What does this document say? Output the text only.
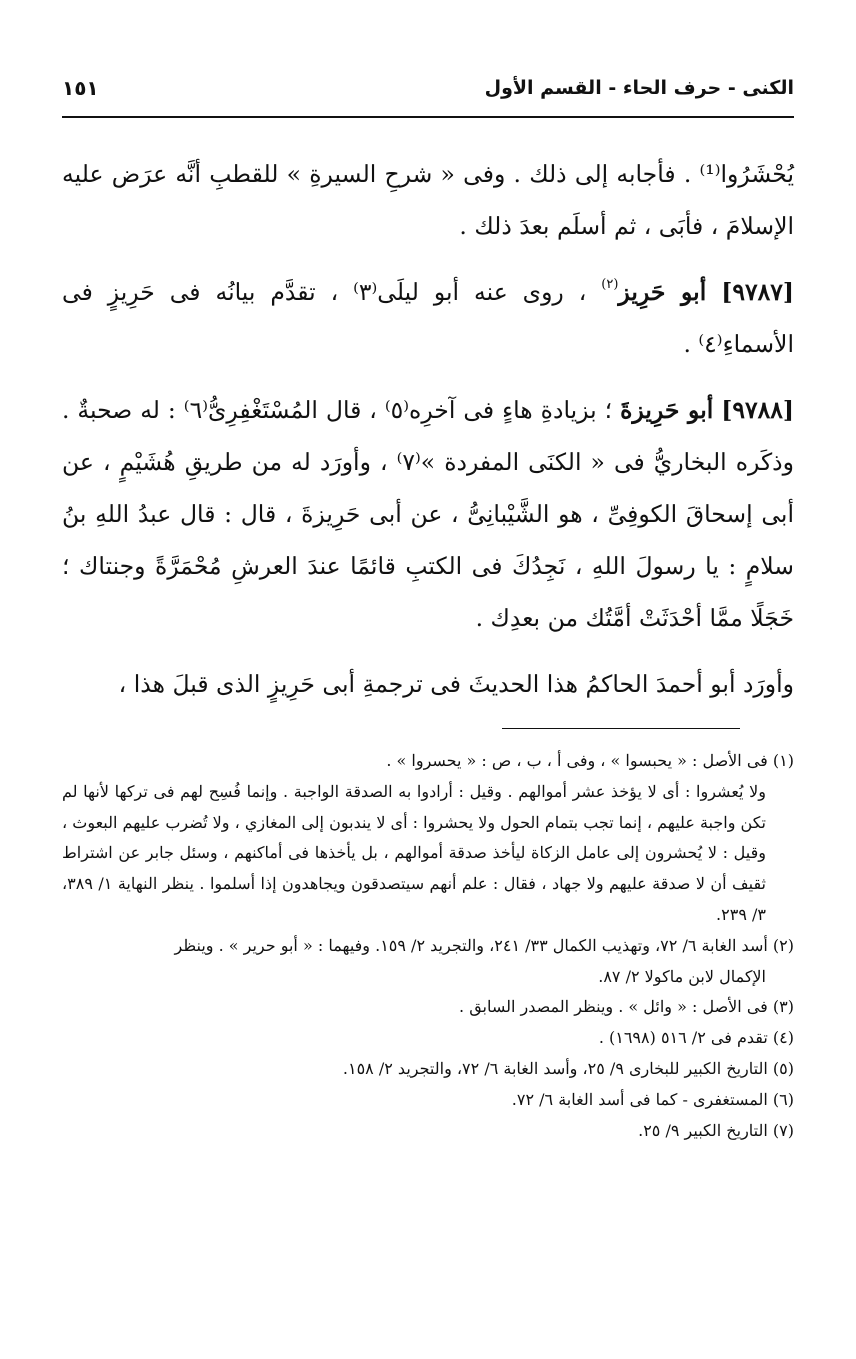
الكنى - حرف الحاء - القسم الأول
١٥١

يُحْشَرُوا⁽¹⁾ . فأجابه إلى ذلك . وفى « شرحِ السيرةِ » للقطبِ أنَّه عرَض عليه الإسلامَ ، فأبَى ، ثم أسلَم بعدَ ذلك .

[٩٧٨٧] أبو حَرِيز$^{(٢)}$ ، روى عنه أبو ليلَى⁽٣⁾ ، تقدَّم بيانُه فى حَرِيزٍ فى الأسماءِ⁽٤⁾ .

[٩٧٨٨] أبو حَرِيزةَ ؛ بزيادةِ هاءٍ فى آخرِه⁽٥⁾ ، قال المُسْتَغْفِرِىُّ⁽٦⁾ : له صحبةٌ . وذكَره البخاريُّ فى « الكنَى المفردة »⁽٧⁾ ، وأورَد له من طريقِ هُشَيْمٍ ، عن أبى إسحاقَ الكوفِىِّ ، هو الشَّيْبانِىُّ ، عن أبى حَرِيزةَ ، قال : قال عبدُ اللهِ بنُ سلامٍ : يا رسولَ اللهِ ، نَجِدُكَ فى الكتبِ قائمًا عندَ العرشِ مُحْمَرَّةً وجنتاك ؛ خَجَلًا ممَّا أحْدَثَتْ أمَّتُك من بعدِك .

وأورَد أبو أحمدَ الحاكمُ هذا الحديثَ فى ترجمةِ أبى حَرِيزٍ الذى قبلَ هذا ،

(١) فى الأصل : « يحبسوا » ، وفى أ ، ب ، ص : « يحسروا » .
ولا يُعشروا : أى لا يؤخذ عشر أموالهم . وقيل : أرادوا به الصدقة الواجبة . وإنما فُسِح لهم فى تركها لأنها لم تكن واجبة عليهم ، إنما تجب بتمام الحول ولا يحشروا : أى لا يندبون إلى المغازي ، ولا تُضرب عليهم البعوث ، وقيل : لا يُحشرون إلى عامل الزكاة ليأخذ صدقة أموالهم ، بل يأخذها فى أماكنهم ، وسئل جابر عن اشتراط ثقيف أن لا صدقة عليهم ولا جهاد ، فقال : علم أنهم سيتصدقون ويجاهدون إذا أسلموا . ينظر النهاية ١/ ٣٨٩، ٣/ ٢٣٩.

(٢) أسد الغابة ٦/ ٧٢، وتهذيب الكمال ٣٣/ ٢٤١، والتجريد ٢/ ١٥٩. وفيهما : « أبو حرير » . وينظر
الإكمال لابن ماكولا ٢/ ٨٧.

(٣) فى الأصل : « وائل » . وينظر المصدر السابق .

(٤) تقدم فى ٢/ ٥١٦ (١٦٩٨) .

(٥) التاريخ الكبير للبخارى ٩/ ٢٥، وأسد الغابة ٦/ ٧٢، والتجريد ٢/ ١٥٨.

(٦) المستغفرى - كما فى أسد الغابة ٦/ ٧٢.

(٧) التاريخ الكبير ٩/ ٢٥.
